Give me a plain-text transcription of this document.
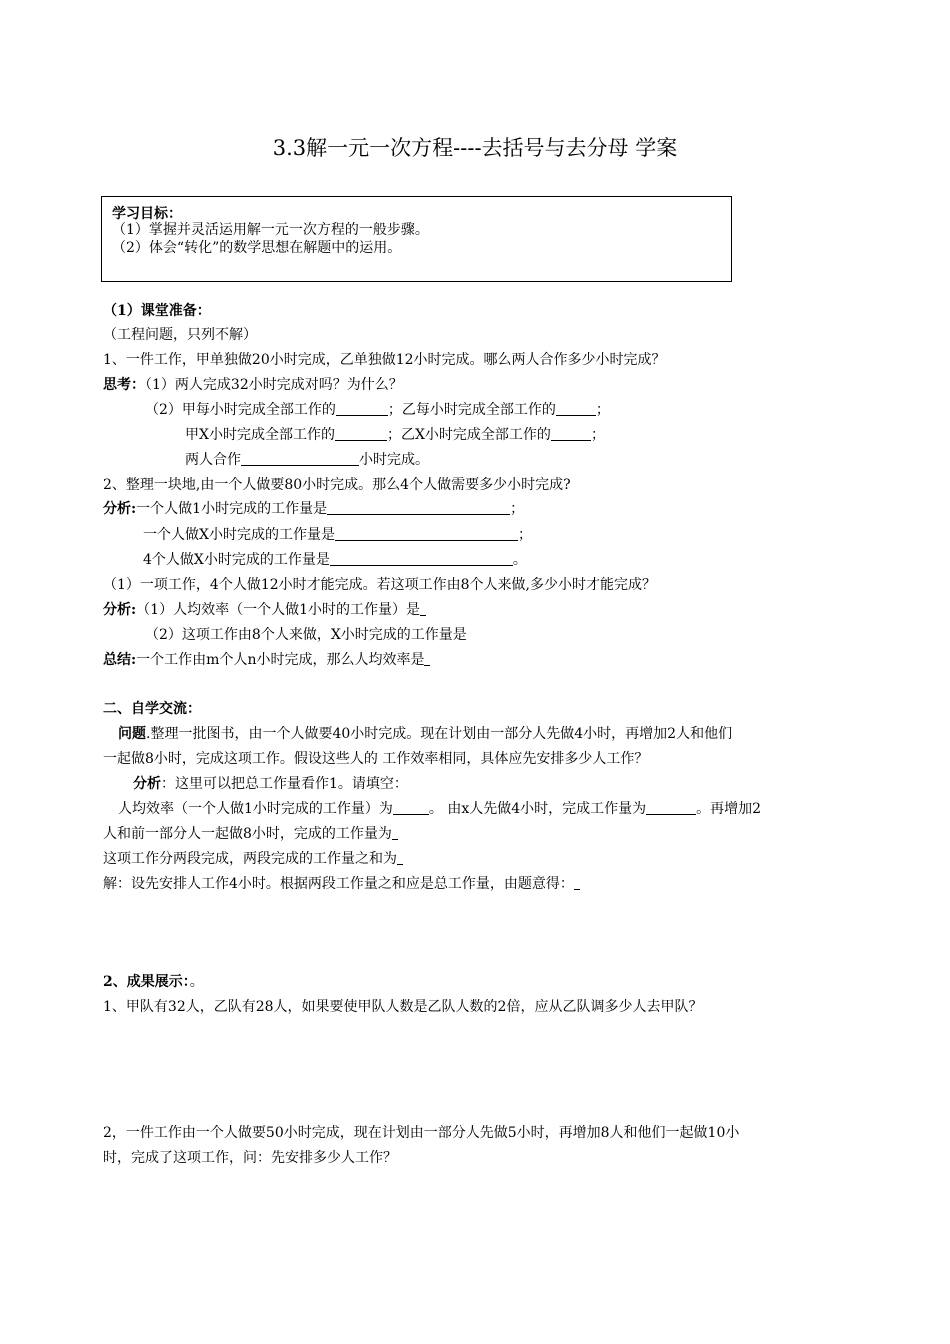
3.3解一元一次方程----去括号与去分母 学案
学习目标：
（1）掌握并灵活运用解一元一次方程的一般步骤。
（2）体会“转化”的数学思想在解题中的运用。
（1）课堂准备：
（工程问题，只列不解）
1、一件工作，甲单独做20小时完成，乙单独做12小时完成。哪么两人合作多少小时完成？
思考：（1）两人完成32小时完成对吗？为什么？
（2）甲每小时完成全部工作的	；乙每小时完成全部工作的	；
甲X小时完成全部工作的	；乙X小时完成全部工作的	；
两人合作	小时完成。
2、整理一块地,由一个人做要80小时完成。那么4个人做需要多少小时完成?
分析:一个人做1小时完成的工作量是	；
一个人做X小时完成的工作量是	；
4个人做X小时完成的工作量是	。
（1）一项工作，4个人做12小时才能完成。若这项工作由8个人来做,多少小时才能完成？
分析:（1）人均效率（一个人做1小时的工作量）是
（2）这项工作由8个人来做，X小时完成的工作量是
总结:一个工作由m个人n小时完成，那么人均效率是
二、自学交流：
问题.整理一批图书，由一个人做要40小时完成。现在计划由一部分人先做4小时，再增加2人和他们
一起做8小时，完成这项工作。假设这些人的 工作效率相同，具体应先安排多少人工作？
分析：这里可以把总工作量看作1。请填空：
人均效率（一个人做1小时完成的工作量）为	。 由x人先做4小时，完成工作量为	。再增加2
人和前一部分人一起做8小时，完成的工作量为
这项工作分两段完成，两段完成的工作量之和为
解：设先安排人工作4小时。根据两段工作量之和应是总工作量，由题意得：
2、成果展示：。
1、甲队有32人，乙队有28人，如果要使甲队人数是乙队人数的2倍，应从乙队调多少人去甲队？
2，一件工作由一个人做要50小时完成，现在计划由一部分人先做5小时，再增加8人和他们一起做10小
时，完成了这项工作，问：先安排多少人工作？
